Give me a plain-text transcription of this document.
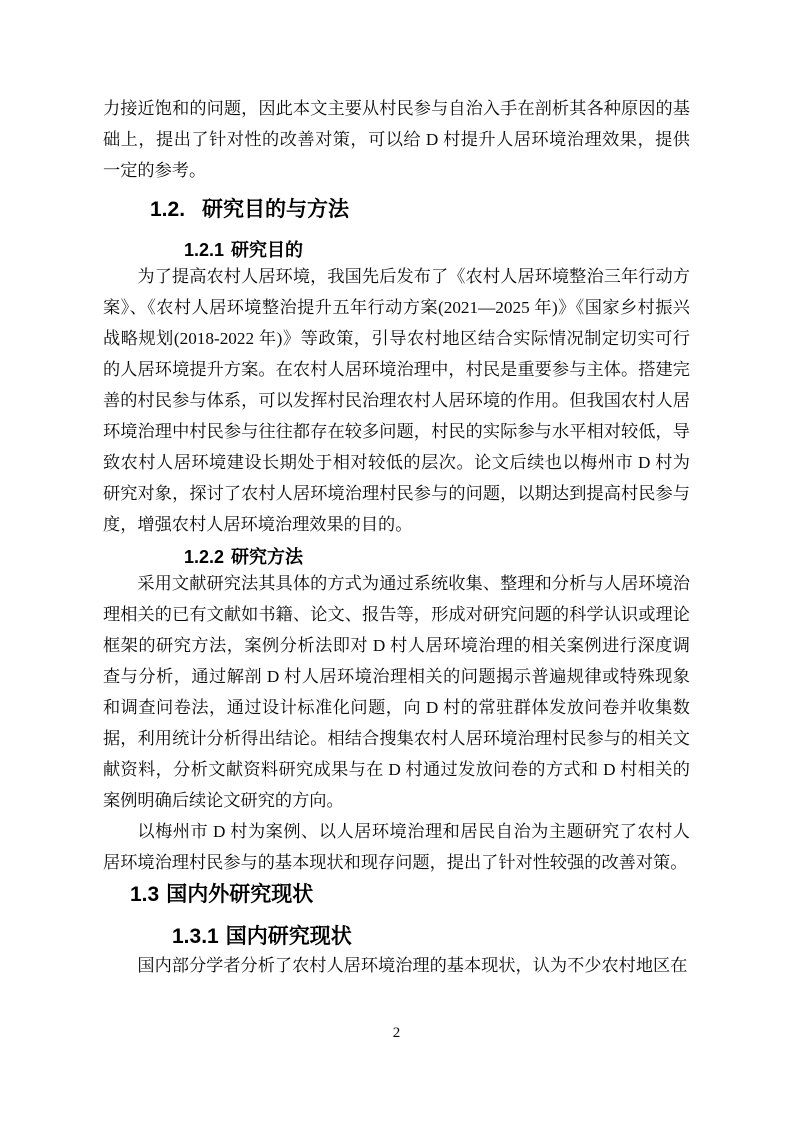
力接近饱和的问题，因此本文主要从村民参与自治入手在剖析其各种原因的基础上，提出了针对性的改善对策，可以给 D 村提升人居环境治理效果，提供一定的参考。

1.2. 研究目的与方法
1.2.1 研究目的

为了提高农村人居环境，我国先后发布了《农村人居环境整治三年行动方案》、《农村人居环境整治提升五年行动方案(2021—2025 年)》《国家乡村振兴战略规划(2018-2022 年)》等政策，引导农村地区结合实际情况制定切实可行的人居环境提升方案。在农村人居环境治理中，村民是重要参与主体。搭建完善的村民参与体系，可以发挥村民治理农村人居环境的作用。但我国农村人居环境治理中村民参与往往都存在较多问题，村民的实际参与水平相对较低，导致农村人居环境建设长期处于相对较低的层次。论文后续也以梅州市 D 村为研究对象，探讨了农村人居环境治理村民参与的问题，以期达到提高村民参与度，增强农村人居环境治理效果的目的。

1.2.2 研究方法

采用文献研究法其具体的方式为通过系统收集、整理和分析与人居环境治理相关的已有文献如书籍、论文、报告等，形成对研究问题的科学认识或理论框架的研究方法，案例分析法即对 D 村人居环境治理的相关案例进行深度调查与分析，通过解剖 D 村人居环境治理相关的问题揭示普遍规律或特殊现象和调查问卷法，通过设计标准化问题，向 D 村的常驻群体发放问卷并收集数据，利用统计分析得出结论。相结合搜集农村人居环境治理村民参与的相关文献资料，分析文献资料研究成果与在 D 村通过发放问卷的方式和 D 村相关的案例明确后续论文研究的方向。

以梅州市 D 村为案例、以人居环境治理和居民自治为主题研究了农村人居环境治理村民参与的基本现状和现存问题，提出了针对性较强的改善对策。

1.3 国内外研究现状
1.3.1 国内研究现状

国内部分学者分析了农村人居环境治理的基本现状，认为不少农村地区在

2
